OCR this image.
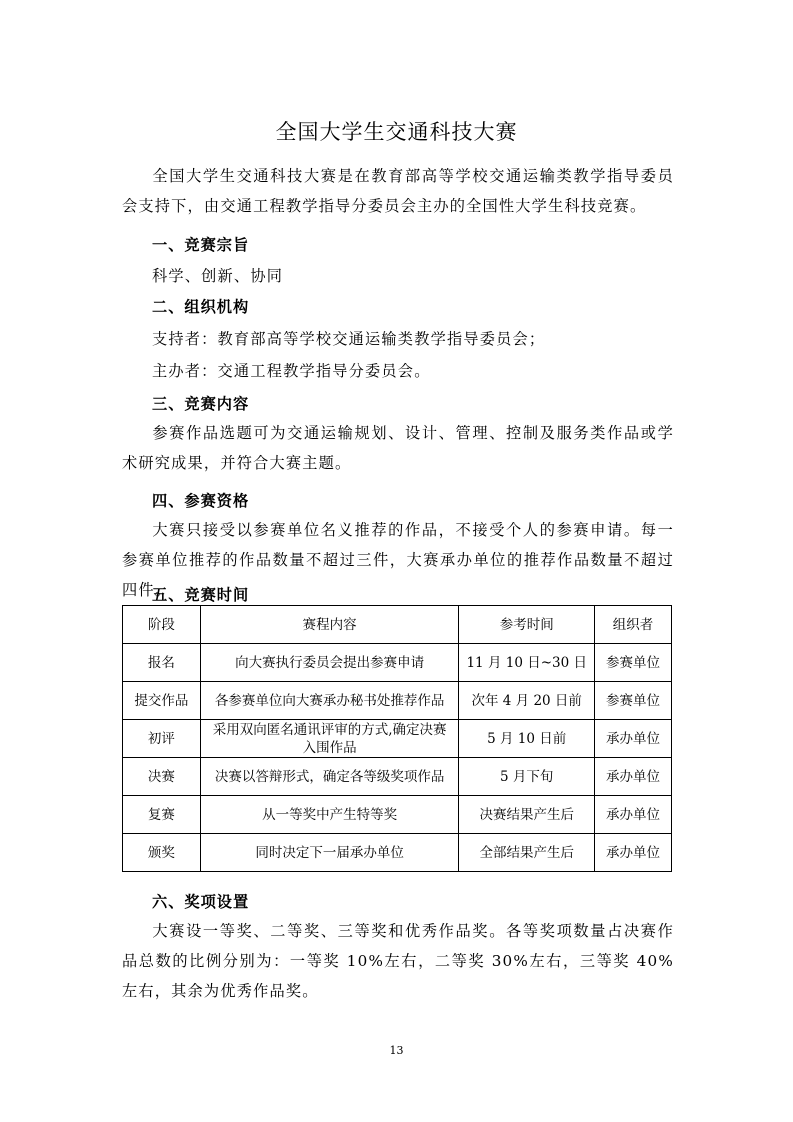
全国大学生交通科技大赛

全国大学生交通科技大赛是在教育部高等学校交通运输类教学指导委员会支持下，由交通工程教学指导分委员会主办的全国性大学生科技竞赛。

一、竞赛宗旨

科学、创新、协同

二、组织机构

支持者：教育部高等学校交通运输类教学指导委员会；

主办者：交通工程教学指导分委员会。

三、竞赛内容

参赛作品选题可为交通运输规划、设计、管理、控制及服务类作品或学术研究成果，并符合大赛主题。

四、参赛资格

大赛只接受以参赛单位名义推荐的作品，不接受个人的参赛申请。每一参赛单位推荐的作品数量不超过三件，大赛承办单位的推荐作品数量不超过四件。

五、竞赛时间

阶段	赛程内容	参考时间	组织者
报名	向大赛执行委员会提出参赛申请	11 月 10 日~30 日	参赛单位
提交作品	各参赛单位向大赛承办秘书处推荐作品	次年 4 月 20 日前	参赛单位
初评	采用双向匿名通讯评审的方式,确定决赛入围作品	5 月 10 日前	承办单位
决赛	决赛以答辩形式，确定各等级奖项作品	5 月下旬	承办单位
复赛	从一等奖中产生特等奖	决赛结果产生后	承办单位
颁奖	同时决定下一届承办单位	全部结果产生后	承办单位

六、奖项设置

大赛设一等奖、二等奖、三等奖和优秀作品奖。各等奖项数量占决赛作品总数的比例分别为：一等奖 10%左右，二等奖 30%左右，三等奖 40%左右，其余为优秀作品奖。

13
